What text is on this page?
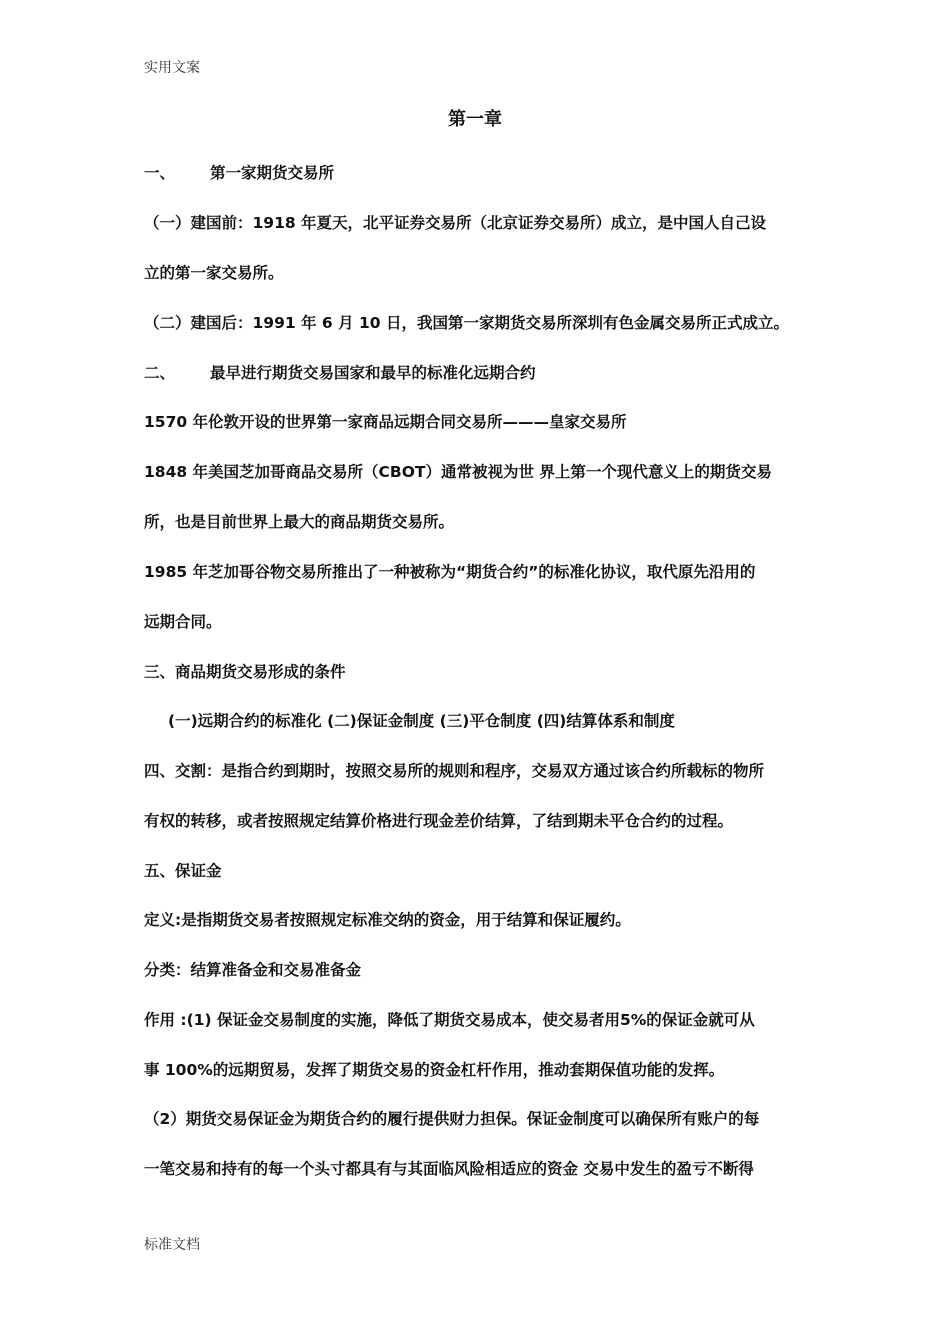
实用文案
第一章
一、 第一家期货交易所
（一）建国前：1918 年夏天，北平证券交易所（北京证券交易所）成立，是中国人自己设
立的第一家交易所。
（二）建国后：1991 年 6 月 10 日，我国第一家期货交易所深圳有色金属交易所正式成立。
二、 最早进行期货交易国家和最早的标准化远期合约
1570 年伦敦开设的世界第一家商品远期合同交易所———皇家交易所
1848 年美国芝加哥商品交易所（CBOT）通常被视为世 界上第一个现代意义上的期货交易
所，也是目前世界上最大的商品期货交易所。
1985 年芝加哥谷物交易所推出了一种被称为“期货合约”的标准化协议，取代原先沿用的
远期合同。
三、商品期货交易形成的条件
(一)远期合约的标准化 (二)保证金制度 (三)平仓制度 (四)结算体系和制度
四、交割：是指合约到期时，按照交易所的规则和程序，交易双方通过该合约所载标的物所
有权的转移，或者按照规定结算价格进行现金差价结算，了结到期未平仓合约的过程。
五、保证金
定义:是指期货交易者按照规定标准交纳的资金，用于结算和保证履约。
分类：结算准备金和交易准备金
作用 :(1) 保证金交易制度的实施，降低了期货交易成本，使交易者用5%的保证金就可从
事 100%的远期贸易，发挥了期货交易的资金杠杆作用，推动套期保值功能的发挥。
（2）期货交易保证金为期货合约的履行提供财力担保。保证金制度可以确保所有账户的每
一笔交易和持有的每一个头寸都具有与其面临风险相适应的资金 交易中发生的盈亏不断得
标准文档
